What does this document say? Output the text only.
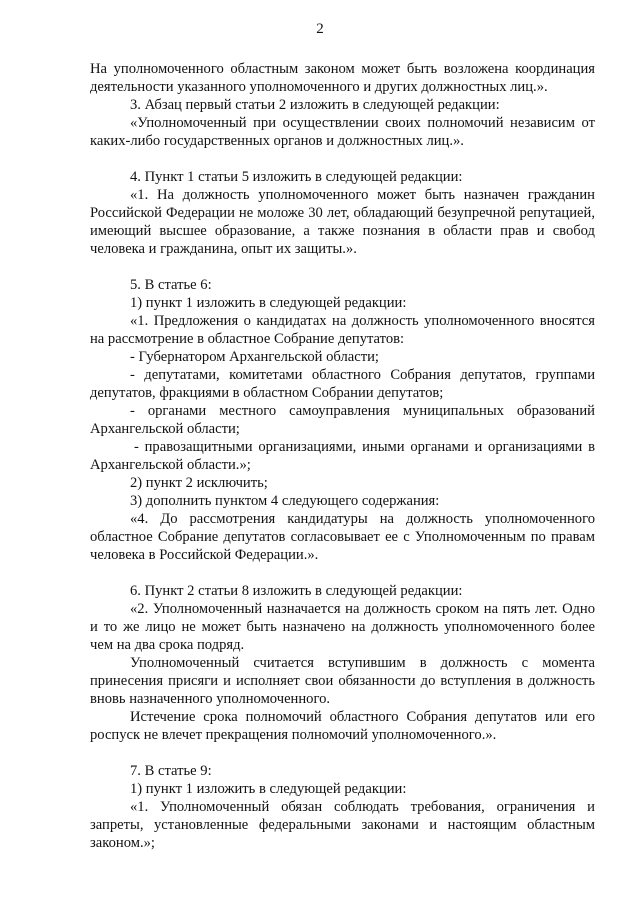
2

На уполномоченного областным законом может быть возложена координация деятельности указанного уполномоченного и других должностных лиц.».

3. Абзац первый статьи 2 изложить в следующей редакции:

«Уполномоченный при осуществлении своих полномочий независим от каких-либо государственных органов и должностных лиц.».

4. Пункт 1 статьи 5 изложить в следующей редакции:

«1. На должность уполномоченного может быть назначен гражданин Российской Федерации не моложе 30 лет, обладающий безупречной репутацией, имеющий высшее образование, а также познания в области прав и свобод человека и гражданина, опыт их защиты.».

5. В статье 6:

1) пункт 1 изложить в следующей редакции:

«1. Предложения о кандидатах на должность уполномоченного вносятся на рассмотрение в областное Собрание депутатов:

- Губернатором Архангельской области;

- депутатами, комитетами областного Собрания депутатов, группами депутатов, фракциями в областном Собрании депутатов;

- органами местного самоуправления муниципальных образований Архангельской области;

- правозащитными организациями, иными органами и организациями в Архангельской области.»;

2) пункт 2 исключить;

3) дополнить пунктом 4 следующего содержания:

«4. До рассмотрения кандидатуры на должность уполномоченного областное Собрание депутатов согласовывает ее с Уполномоченным по правам человека в Российской Федерации.».

6. Пункт 2 статьи 8 изложить в следующей редакции:

«2. Уполномоченный назначается на должность сроком на пять лет. Одно и то же лицо не может быть назначено на должность уполномоченного более чем на два срока подряд.

Уполномоченный считается вступившим в должность с момента принесения присяги и исполняет свои обязанности до вступления в должность вновь назначенного уполномоченного.

Истечение срока полномочий областного Собрания депутатов или его роспуск не влечет прекращения полномочий уполномоченного.».

7. В статье 9:

1) пункт 1 изложить в следующей редакции:

«1. Уполномоченный обязан соблюдать требования, ограничения и запреты, установленные федеральными законами и настоящим областным законом.»;
